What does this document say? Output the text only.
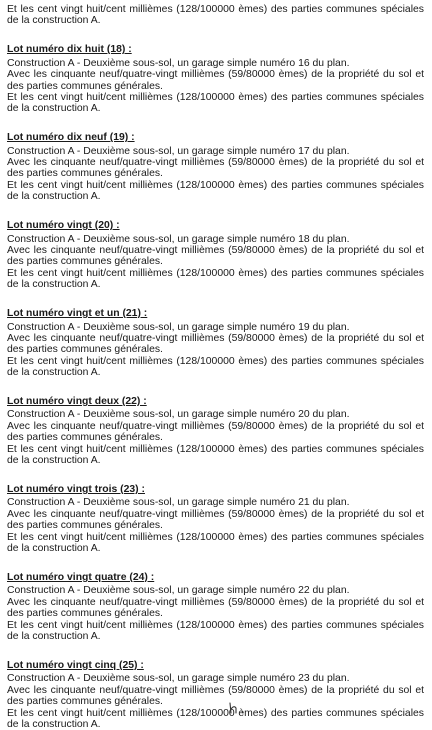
Et les cent vingt huit/cent millièmes (128/100000 èmes) des parties communes spéciales de la construction A.

Lot numéro dix huit (18) :

Construction A - Deuxième sous-sol, un garage simple numéro 16 du plan.

Avec les cinquante neuf/quatre-vingt millièmes (59/80000 èmes) de la propriété du sol et des parties communes générales.

Et les cent vingt huit/cent millièmes (128/100000 èmes) des parties communes spéciales de la construction A.

Lot numéro dix neuf (19) :

Construction A - Deuxième sous-sol, un garage simple numéro 17 du plan.

Avec les cinquante neuf/quatre-vingt millièmes (59/80000 èmes) de la propriété du sol et des parties communes générales.

Et les cent vingt huit/cent millièmes (128/100000 èmes) des parties communes spéciales de la construction A.

Lot numéro vingt (20) :

Construction A - Deuxième sous-sol, un garage simple numéro 18 du plan.

Avec les cinquante neuf/quatre-vingt millièmes (59/80000 èmes) de la propriété du sol et des parties communes générales.

Et les cent vingt huit/cent millièmes (128/100000 èmes) des parties communes spéciales de la construction A.

Lot numéro vingt et un (21) :

Construction A - Deuxième sous-sol, un garage simple numéro 19 du plan.

Avec les cinquante neuf/quatre-vingt millièmes (59/80000 èmes) de la propriété du sol et des parties communes générales.

Et les cent vingt huit/cent millièmes (128/100000 èmes) des parties communes spéciales de la construction A.

Lot numéro vingt deux (22) :

Construction A - Deuxième sous-sol, un garage simple numéro 20 du plan.

Avec les cinquante neuf/quatre-vingt millièmes (59/80000 èmes) de la propriété du sol et des parties communes générales.

Et les cent vingt huit/cent millièmes (128/100000 èmes) des parties communes spéciales de la construction A.

Lot numéro vingt trois (23) :

Construction A - Deuxième sous-sol, un garage simple numéro 21 du plan.

Avec les cinquante neuf/quatre-vingt millièmes (59/80000 èmes) de la propriété du sol et des parties communes générales.

Et les cent vingt huit/cent millièmes (128/100000 èmes) des parties communes spéciales de la construction A.

Lot numéro vingt quatre (24) :

Construction A - Deuxième sous-sol, un garage simple numéro 22 du plan.

Avec les cinquante neuf/quatre-vingt millièmes (59/80000 èmes) de la propriété du sol et des parties communes générales.

Et les cent vingt huit/cent millièmes (128/100000 èmes) des parties communes spéciales de la construction A.

Lot numéro vingt cinq (25) :

Construction A - Deuxième sous-sol, un garage simple numéro 23 du plan.

Avec les cinquante neuf/quatre-vingt millièmes (59/80000 èmes) de la propriété du sol et des parties communes générales.

Et les cent vingt huit/cent millièmes (128/100000 èmes) des parties communes spéciales de la construction A.
